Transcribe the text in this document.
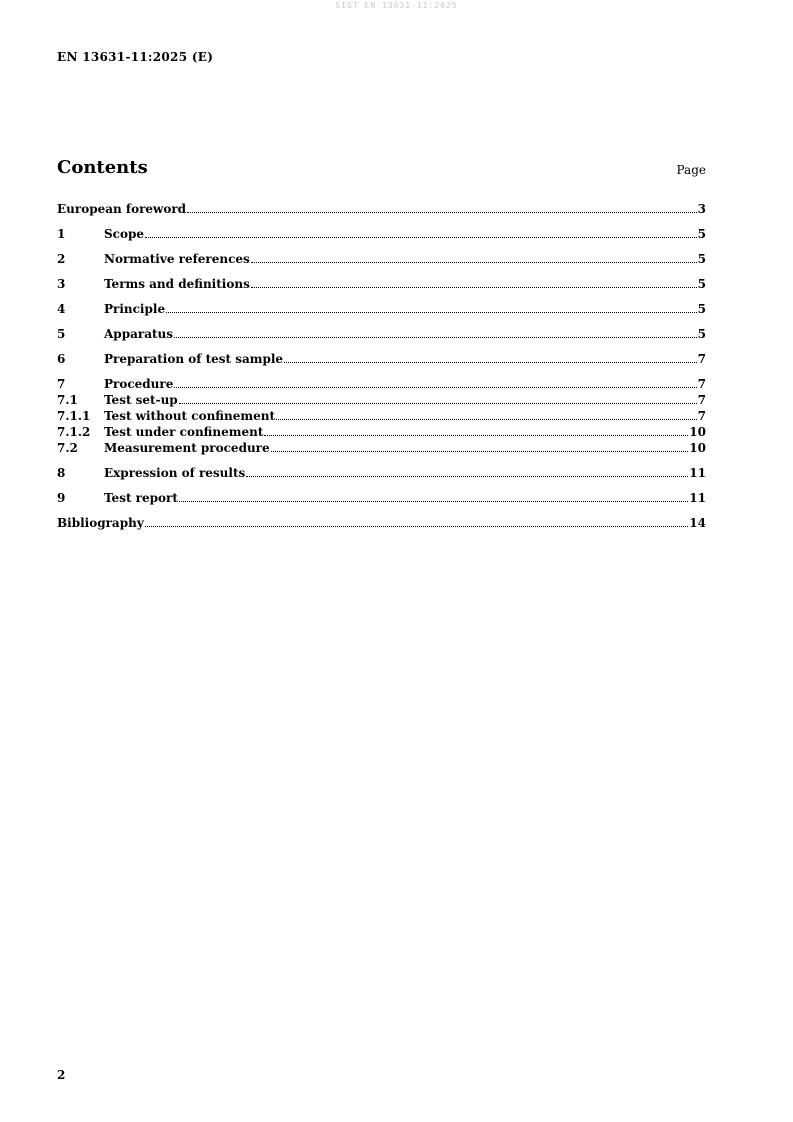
SIST EN 13631-11:2025
EN 13631-11:2025 (E)
Contents	Page
European foreword	3
1	Scope	5
2	Normative references	5
3	Terms and definitions	5
4	Principle	5
5	Apparatus	5
6	Preparation of test sample	7
7	Procedure	7
7.1	Test set-up	7
7.1.1	Test without confinement	7
7.1.2	Test under confinement	10
7.2	Measurement procedure	10
8	Expression of results	11
9	Test report	11
Bibliography	14
2
